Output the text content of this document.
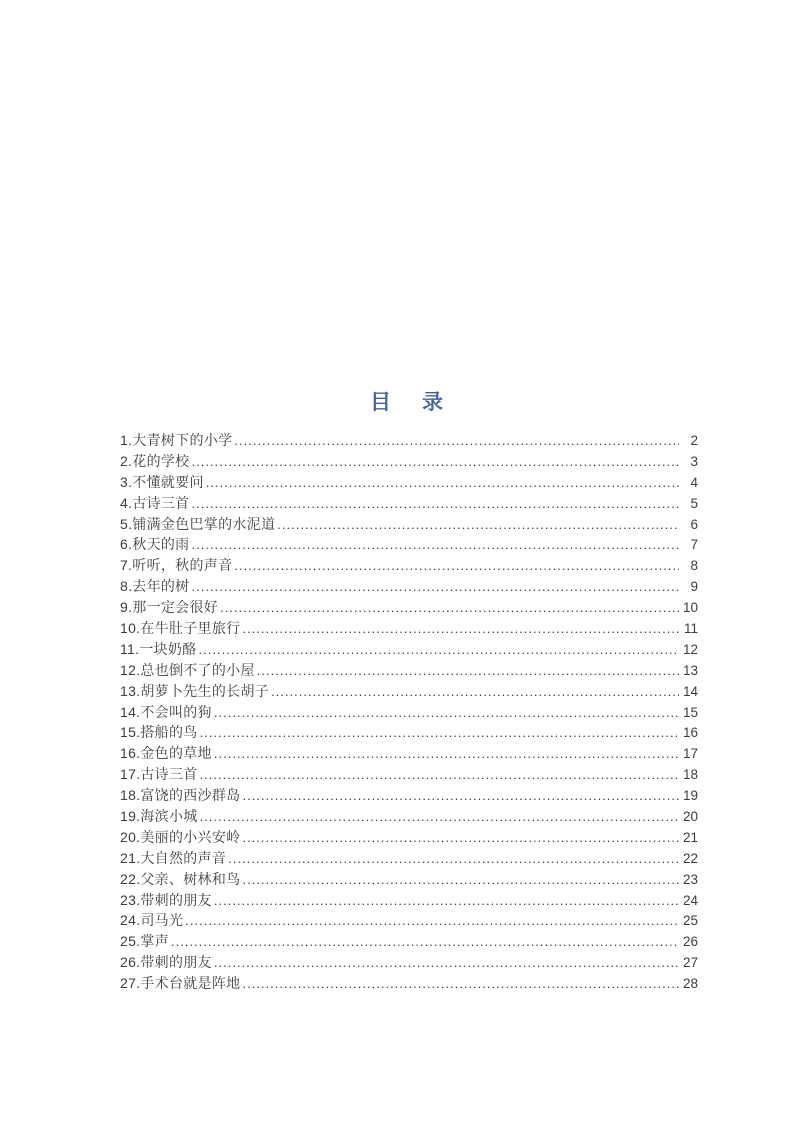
目　录
1.大青树下的小学 .....	2
2.花的学校 .....	3
3.不懂就要问 .....	4
4.古诗三首 .....	5
5.铺满金色巴掌的水泥道 .....	6
6.秋天的雨 .....	7
7.听听，秋的声音 .....	8
8.去年的树 .....	9
9.那一定会很好 .....	10
10.在牛肚子里旅行 .....	11
11.一块奶酪 .....	12
12.总也倒不了的小屋 .....	13
13.胡萝卜先生的长胡子 .....	14
14.不会叫的狗 .....	15
15.搭船的鸟 .....	16
16.金色的草地 .....	17
17.古诗三首 .....	18
18.富饶的西沙群岛 .....	19
19.海滨小城 .....	20
20.美丽的小兴安岭 .....	21
21.大自然的声音 .....	22
22.父亲、树林和鸟 .....	23
23.带刺的朋友 .....	24
24.司马光 .....	25
25.掌声 .....	26
26.带刺的朋友 .....	27
27.手术台就是阵地 .....	28
